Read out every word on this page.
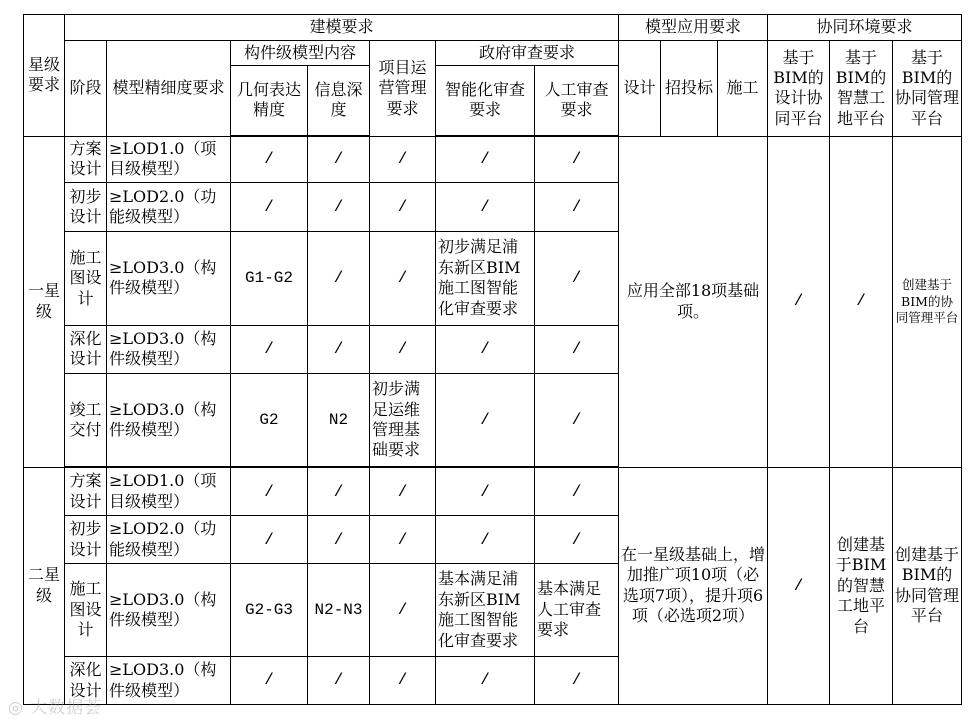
星级要求	建模要求							模型应用要求			协同环境要求		
	阶段	模型精细度要求	构件级模型内容		项目运营管理要求	政府审查要求		设计	招投标	施工	基于BIM的设计协同平台	基于BIM的智慧工地平台	基于BIM的协同管理平台
			几何表达精度	信息深度		智能化审查要求	人工审查要求						
一星级	方案设计	≥LOD1.0（项目级模型）	/	/	/	/	/	应用全部18项基础项。			/	/	创建基于BIM的协同管理平台
	初步设计	≥LOD2.0（功能级模型）	/	/	/	/	/						
	施工图设计	≥LOD3.0（构件级模型）	G1-G2	/	/	初步满足浦东新区BIM施工图智能化审查要求	/						
	深化设计	≥LOD3.0（构件级模型）	/	/	/	/	/						
	竣工交付	≥LOD3.0（构件级模型）	G2	N2	初步满足运维管理基础要求	/	/						
二星级	方案设计	≥LOD1.0（项目级模型）	/	/	/	/	/	在一星级基础上，增加推广项10项（必选项7项），提升项6项（必选项2项）			/	创建基于BIM的智慧工地平台	创建基于BIM的协同管理平台
	初步设计	≥LOD2.0（功能级模型）	/	/	/	/	/						
	施工图设计	≥LOD3.0（构件级模型）	G2-G3	N2-N3	/	基本满足浦东新区BIM施工图智能化审查要求	基本满足人工审查要求						
	深化设计	≥LOD3.0（构件级模型）	/	/	/	/	/						
◎ 大数据荟
